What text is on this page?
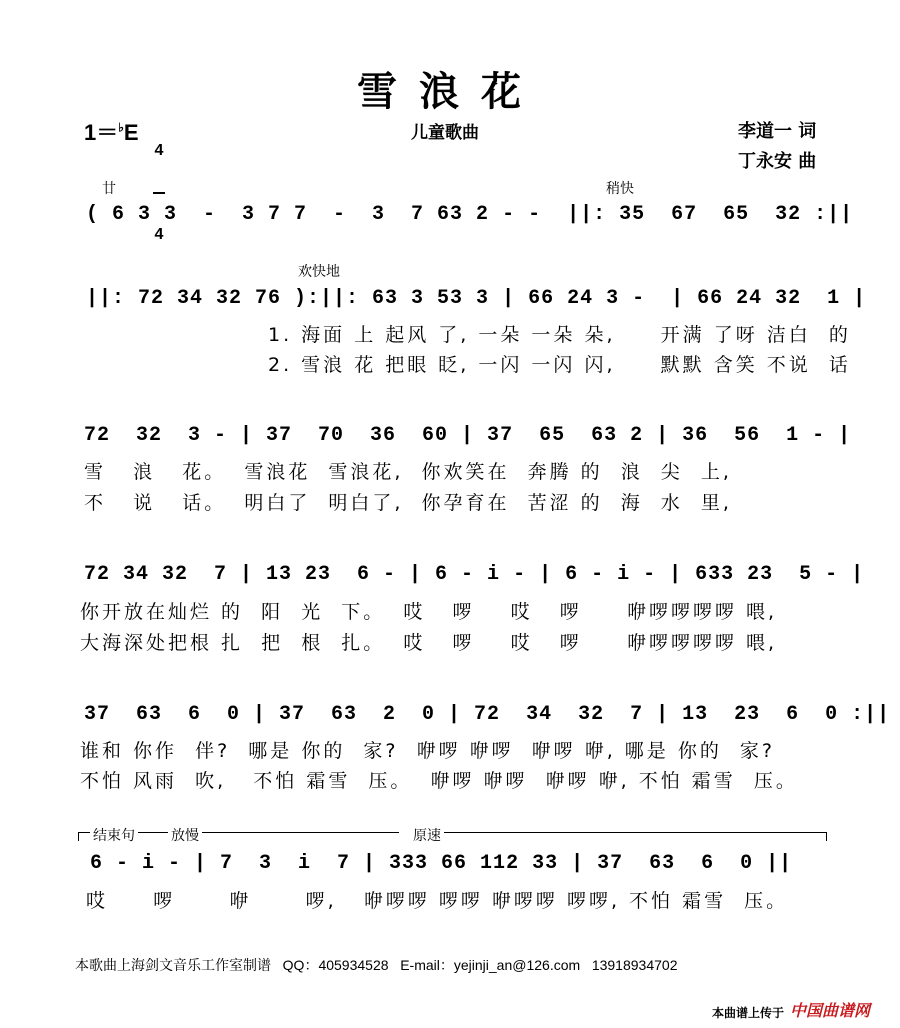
雪浪花
1＝♭E

4

4

儿童歌曲	李道一 词
丁永安 曲
廿	稍快
( 6 3 3  -  3 7 7  -  3  7 63 2 - -  ||: 35  67  65  32 :||
欢快地
||: 72 34 32 76 ):||: 63 3 53 3 | 66 24 3 -  | 66 24 32  1 |
1. 海面 上 起风 了, 一朵 一朵 朵,     开满 了呀 洁白  的
2. 雪浪 花 把眼 眨, 一闪 一闪 闪,     默默 含笑 不说  话
72  32  3 - | 37  70  36  60 | 37  65  63 2 | 36  56  1 - |
雪   浪   花。  雪浪花  雪浪花,  你欢笑在  奔腾 的  浪  尖  上,
不   说   话。  明白了  明白了,  你孕育在  苦涩 的  海  水  里,
72 34 32  7 | 13 23  6 - | 6 - i - | 6 - i - | 633 23  5 - |
你开放在灿烂 的  阳  光  下。  哎   啰    哎   啰     咿啰啰啰啰 喂,
大海深处把根 扎  把  根  扎。  哎   啰    哎   啰     咿啰啰啰啰 喂,
37  63  6  0 | 37  63  2  0 | 72  34  32  7 | 13  23  6  0 :||
谁和 你作  伴?  哪是 你的  家?  咿啰 咿啰  咿啰 咿, 哪是 你的  家?
不怕 风雨  吹,   不怕 霜雪  压。  咿啰 咿啰  咿啰 咿, 不怕 霜雪  压。
结束句	放慢	原速
6 - i - | 7  3  i  7 | 333 66 112 33 | 37  63  6  0 ||
哎     啰      咿      啰,   咿啰啰 啰啰 咿啰啰 啰啰, 不怕 霜雪  压。
本歌曲上海剑文音乐工作室制谱 QQ：405934528 E-mail：yejinji_an@126.com 13918934702
本曲谱上传于 中国曲谱网
